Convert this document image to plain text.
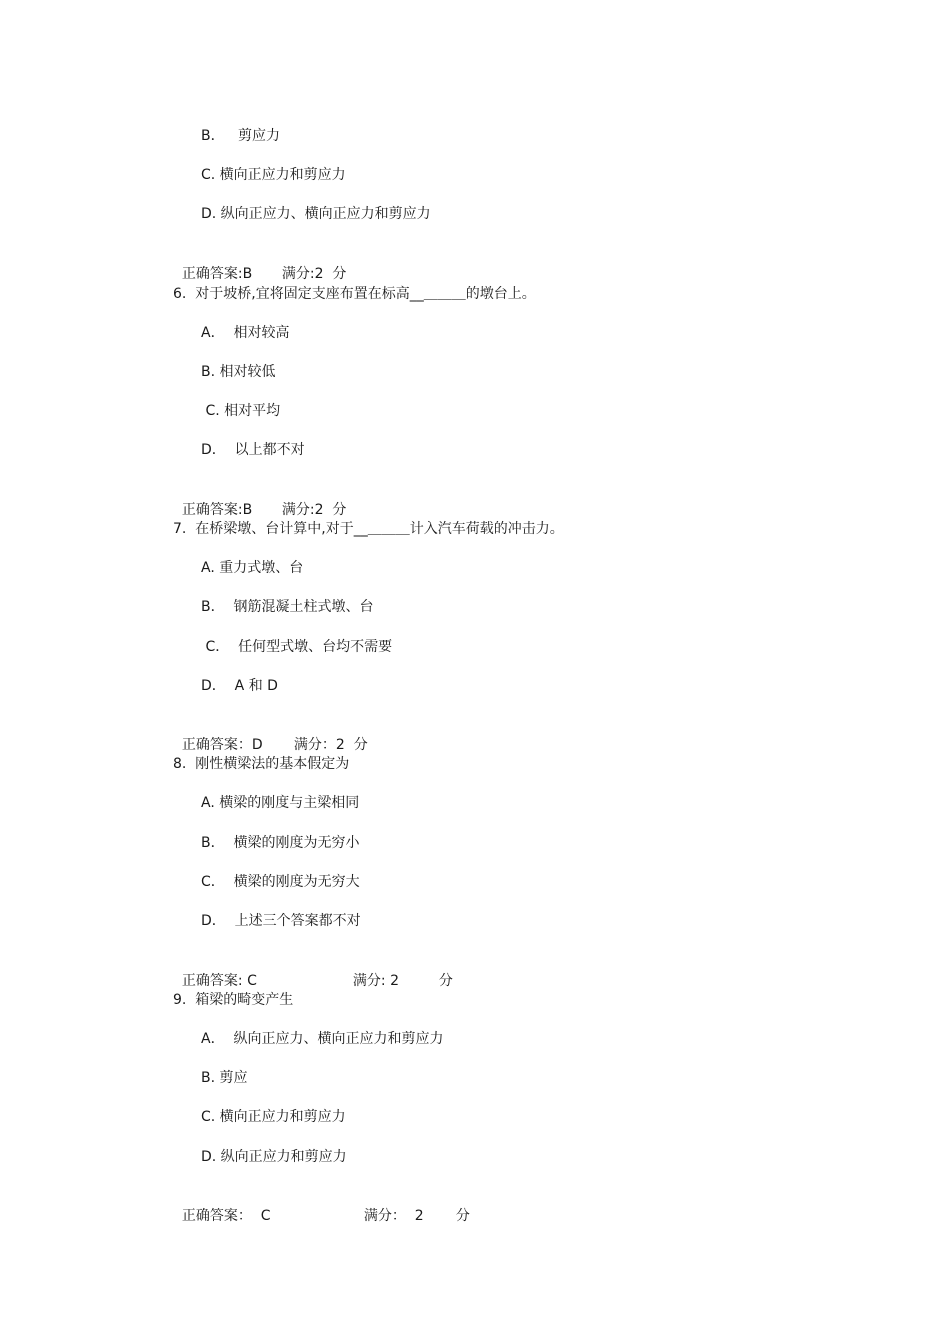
B．   剪应力
C. 横向正应力和剪应力
D. 纵向正应力、横向正应力和剪应力

正确答案:B 满分:2  分

6.  对于坡桥,宜将固定支座布置在标高__＿＿＿的墩台上。
A．  相对较高
B. 相对较低
C. 相对平均
D．  以上都不对

正确答案:B 满分:2  分

7.  在桥梁墩、台计算中,对于__＿＿＿计入汽车荷载的冲击力。
A. 重力式墩、台
B．  钢筋混凝土柱式墩、台
C．  任何型式墩、台均不需要
D．  A 和 D

正确答案：D 满分：2  分

8.  刚性横梁法的基本假定为
A. 横梁的刚度与主梁相同
B．  横梁的刚度为无穷小
C．  横梁的刚度为无穷大
D．  上述三个答案都不对

正确答案: C	满分: 2	分

9.  箱梁的畸变产生
A．  纵向正应力、横向正应力和剪应力
B. 剪应
C. 横向正应力和剪应力
D. 纵向正应力和剪应力

正确答案：  C	满分：  2 分
